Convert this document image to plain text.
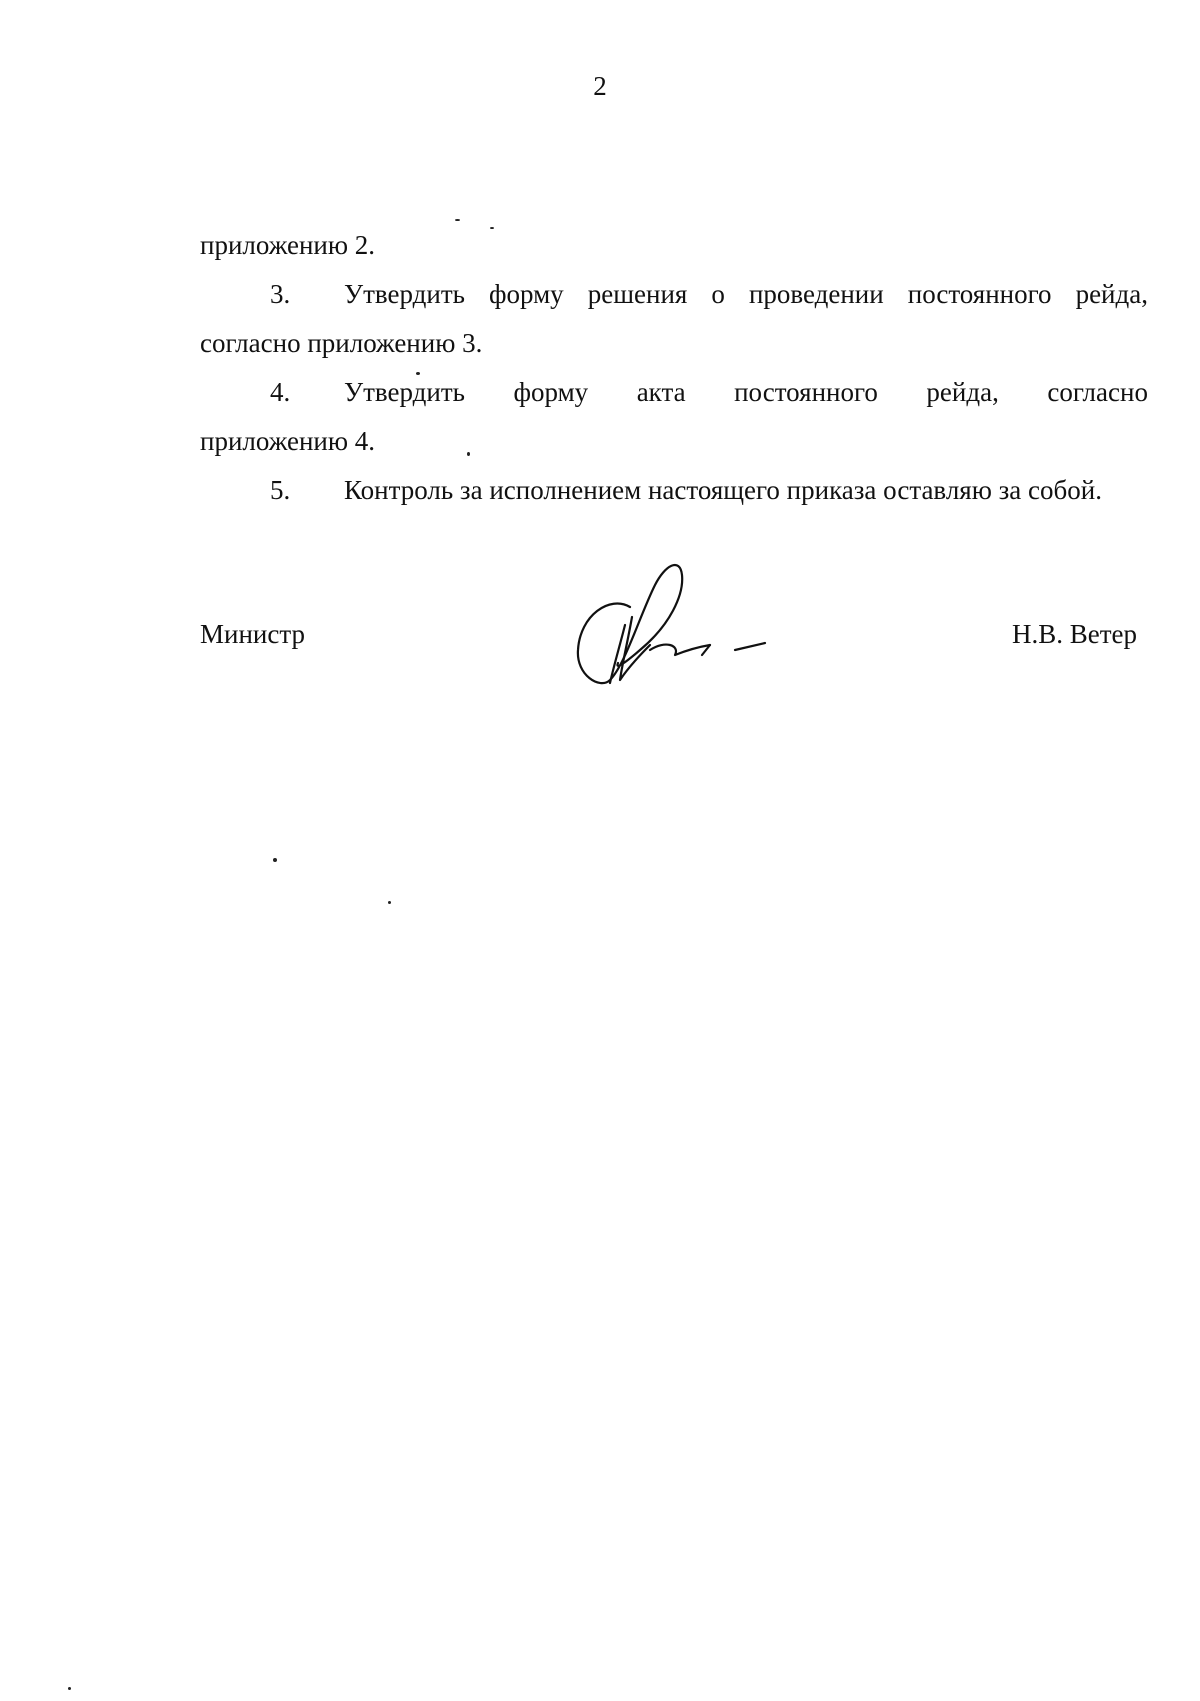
2
приложению 2.
3. Утвердить форму решения о проведении постоянного рейда,
согласно приложению 3.
4. Утвердить форму акта постоянного рейда, согласно
приложению 4.
5. Контроль за исполнением настоящего приказа оставляю за собой.
Министр	Н.В. Ветер
